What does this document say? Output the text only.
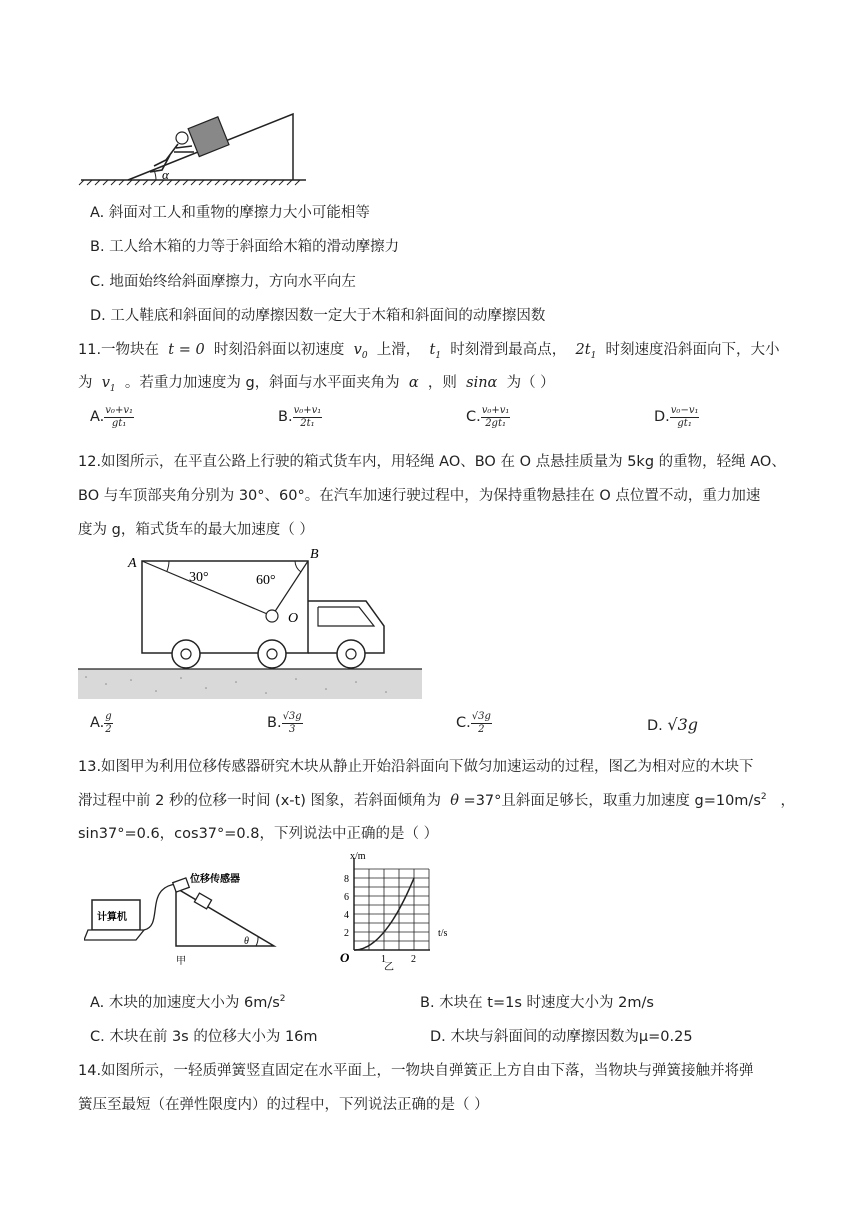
α
A. 斜面对工人和重物的摩擦力大小可能相等
B. 工人给木箱的力等于斜面给木箱的滑动摩擦力
C. 地面始终给斜面摩擦力，方向水平向左
D. 工人鞋底和斜面间的动摩擦因数一定大于木箱和斜面间的动摩擦因数
11.一物块在 t = 0 时刻沿斜面以初速度 $v_0$ 上滑， $t_1$ 时刻滑到最高点， $2t_1$ 时刻速度沿斜面向下，大小
为 $v_1$ 。若重力加速度为 g，斜面与水平面夹角为 α ，则 sinα 为（ ）
A. $\frac{\text{v₀+v₁}}{\text{gt₁}}$	B. $\frac{\text{v₀+v₁}}{\text{2t₁}}$	C. $\frac{\text{v₀+v₁}}{\text{2gt₁}}$	D. $\frac{\text{v₀−v₁}}{\text{gt₁}}$
12.如图所示，在平直公路上行驶的箱式货车内，用轻绳 AO、BO 在 O 点悬挂质量为 5kg 的重物，轻绳 AO、
BO 与车顶部夹角分别为 30°、60°。在汽车加速行驶过程中，为保持重物悬挂在 O 点位置不动，重力加速
度为 g，箱式货车的最大加速度（ ）
A
B
O
30°	60°
A. $\frac{g}{2}$	B. $\frac{√3g}{3}$	C. $\frac{√3g}{2}$	D. √3g
13.如图甲为利用位移传感器研究木块从静止开始沿斜面向下做匀加速运动的过程，图乙为相对应的木块下
滑过程中前 2 秒的位移一时间 (x-t) 图象，若斜面倾角为 θ =37°且斜面足够长，取重力加速度 $g=10m/s^2$ ，
sin37°=0.6，cos37°=0.8，下列说法中正确的是（ ）
计算机
θ
位移传感器
甲
8
6
4
2
1	2
x/m
t/s
O
乙
A. 木块的加速度大小为 $6m/s^2$	B. 木块在 t=1s 时速度大小为 2m/s
C. 木块在前 3s 的位移大小为 16m	D. 木块与斜面间的动摩擦因数为μ=0.25
14.如图所示，一轻质弹簧竖直固定在水平面上，一物块自弹簧正上方自由下落，当物块与弹簧接触并将弹
簧压至最短（在弹性限度内）的过程中，下列说法正确的是（ ）
